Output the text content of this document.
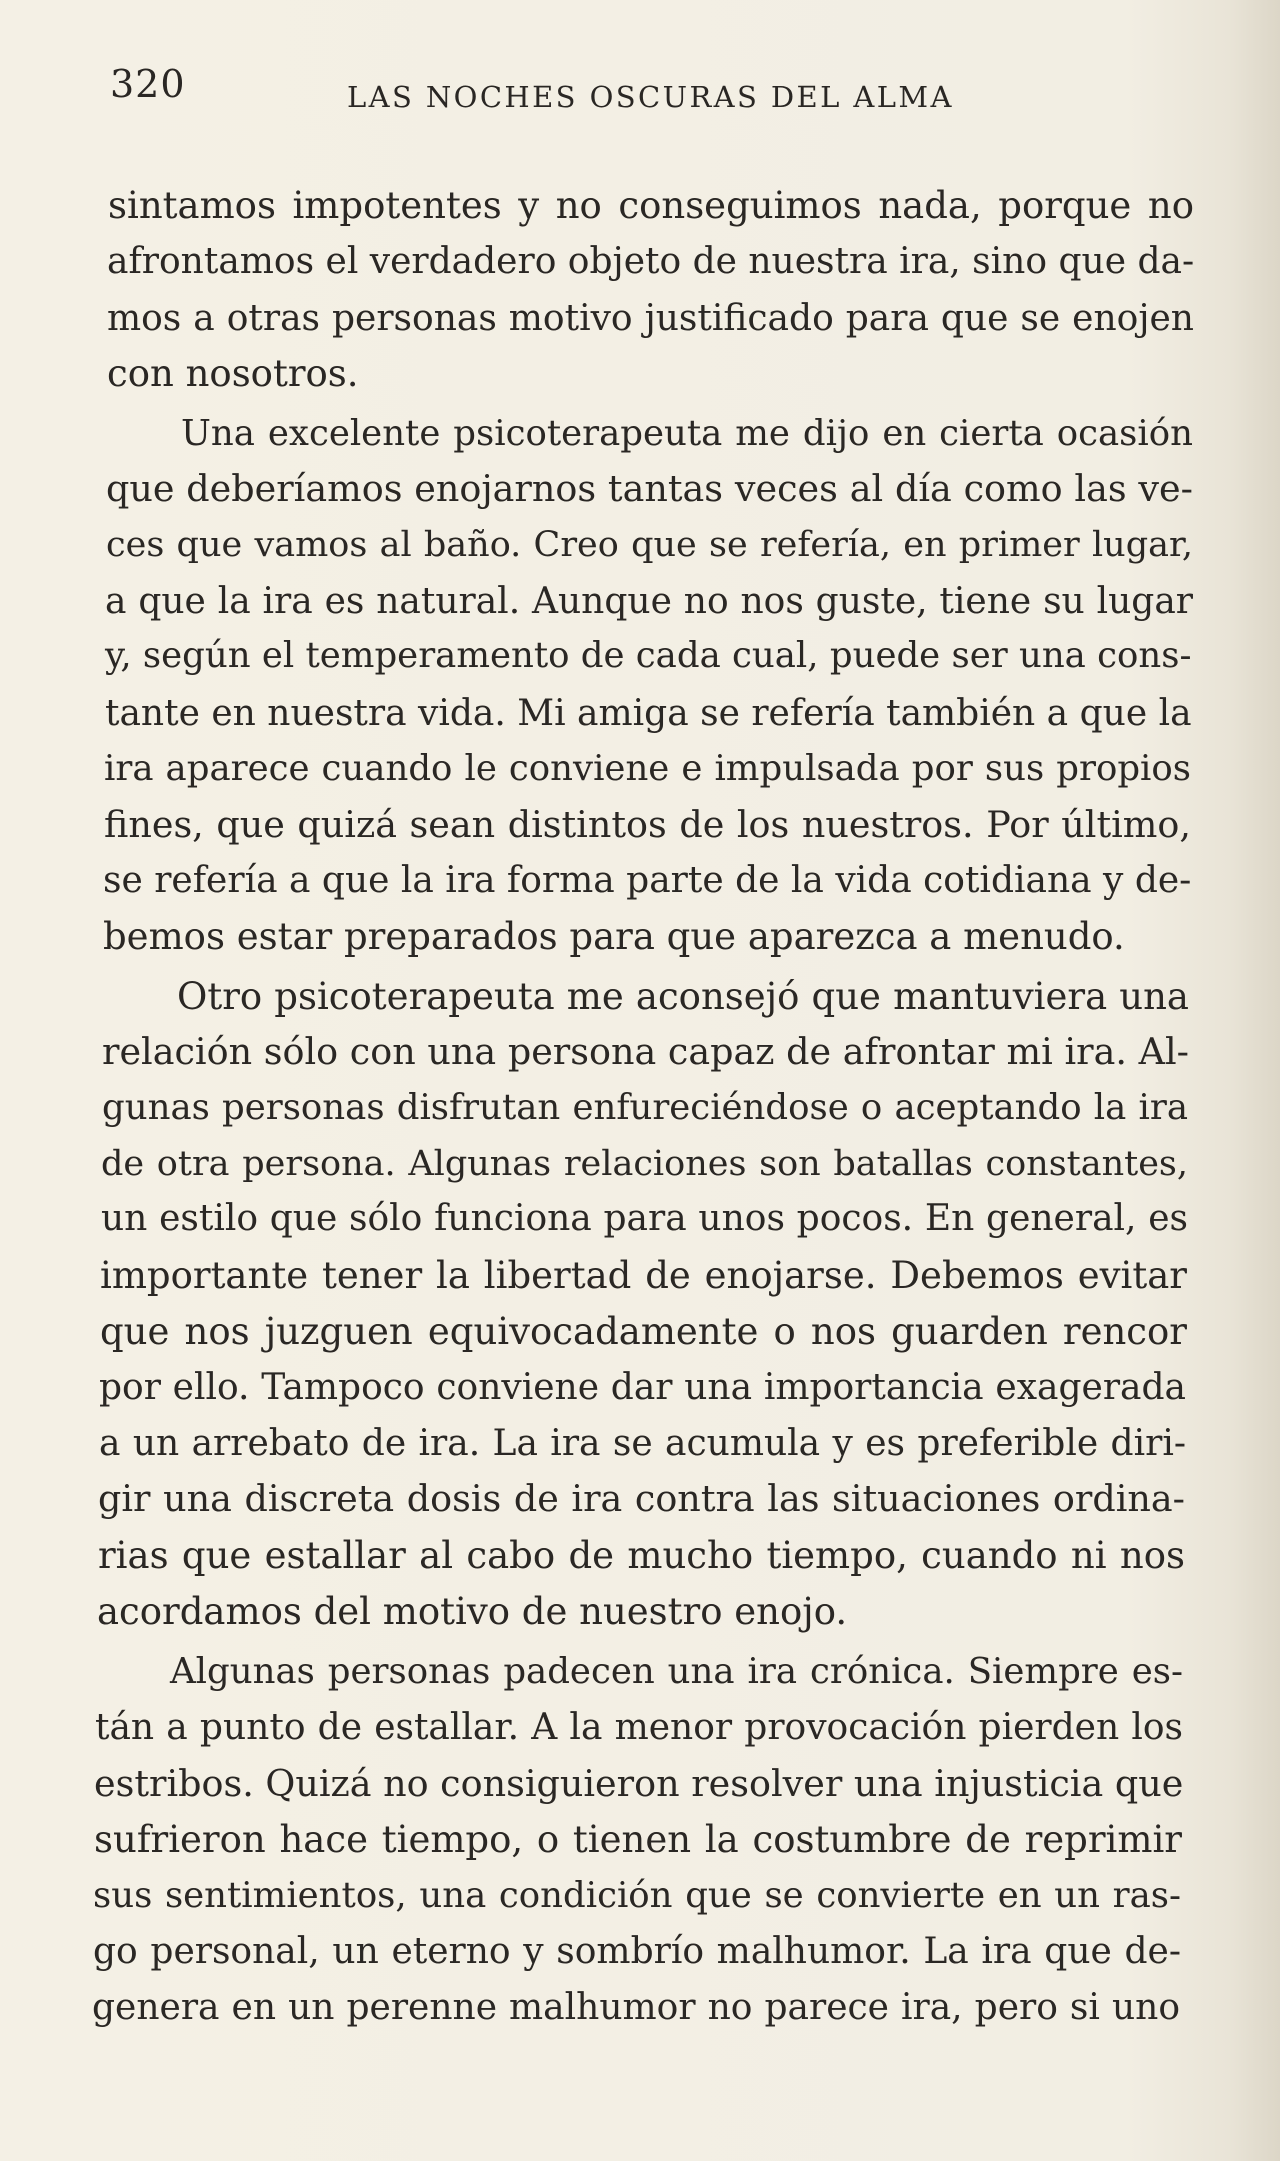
320	LAS NOCHES OSCURAS DEL ALMA
sintamos impotentes y no conseguimos nada, porque no
afrontamos el verdadero objeto de nuestra ira, sino que da-
mos a otras personas motivo justificado para que se enojen
con nosotros.
Una excelente psicoterapeuta me dijo en cierta ocasión
que deberíamos enojarnos tantas veces al día como las ve-
ces que vamos al baño. Creo que se refería, en primer lugar,
a que la ira es natural. Aunque no nos guste, tiene su lugar
y, según el temperamento de cada cual, puede ser una cons-
tante en nuestra vida. Mi amiga se refería también a que la
ira aparece cuando le conviene e impulsada por sus propios
fines, que quizá sean distintos de los nuestros. Por último,
se refería a que la ira forma parte de la vida cotidiana y de-
bemos estar preparados para que aparezca a menudo.
Otro psicoterapeuta me aconsejó que mantuviera una
relación sólo con una persona capaz de afrontar mi ira. Al-
gunas personas disfrutan enfureciéndose o aceptando la ira
de otra persona. Algunas relaciones son batallas constantes,
un estilo que sólo funciona para unos pocos. En general, es
importante tener la libertad de enojarse. Debemos evitar
que nos juzguen equivocadamente o nos guarden rencor
por ello. Tampoco conviene dar una importancia exagerada
a un arrebato de ira. La ira se acumula y es preferible diri-
gir una discreta dosis de ira contra las situaciones ordina-
rias que estallar al cabo de mucho tiempo, cuando ni nos
acordamos del motivo de nuestro enojo.
Algunas personas padecen una ira crónica. Siempre es-
tán a punto de estallar. A la menor provocación pierden los
estribos. Quizá no consiguieron resolver una injusticia que
sufrieron hace tiempo, o tienen la costumbre de reprimir
sus sentimientos, una condición que se convierte en un ras-
go personal, un eterno y sombrío malhumor. La ira que de-
genera en un perenne malhumor no parece ira, pero si uno
